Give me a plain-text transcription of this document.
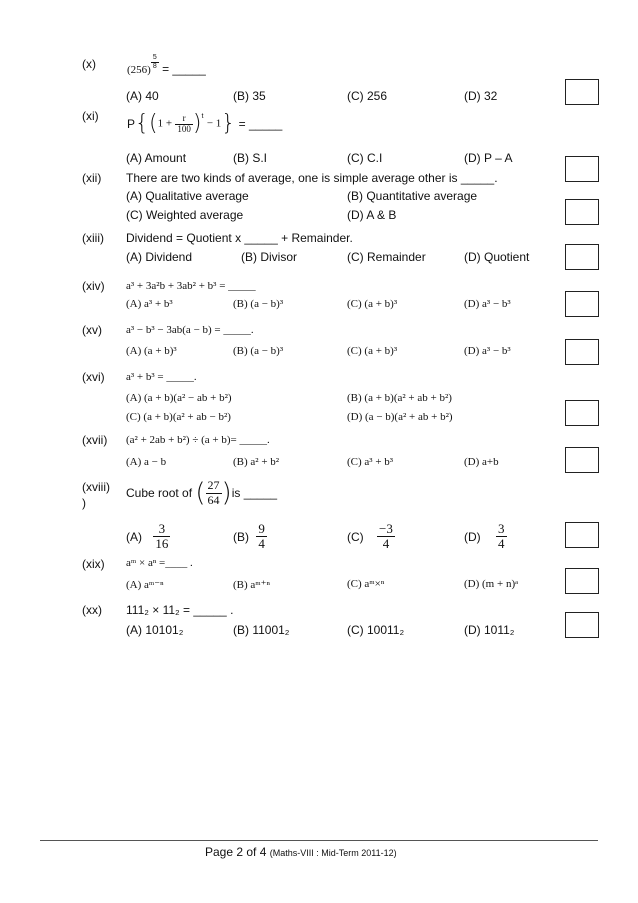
(x)	$(256) \frac{5}{8}$ = _____
(A) 40	(B) 35	(C) 256	(D) 32
(xi)
$P\{(1 + \frac{r}{100} )^t - 1\}$ = _____
(A) Amount	(B) S.I	(C) C.I	(D) P – A
(xii) There are two kinds of average, one is simple average other is _____.
(A) Qualitative average	(B) Quantitative average
(C) Weighted average	(D) A & B
(xiii) Dividend = Quotient x _____ + Remainder.
(A) Dividend	(B) Divisor	(C) Remainder	(D) Quotient
(xiv) a³ + 3a²b + 3ab² + b³ = _____
(A) a³ + b³	(B) (a − b)³	(C) (a + b)³	(D) a³ − b³
(xv) a³ − b³ − 3ab(a − b) = _____.
(A) (a + b)³	(B) (a − b)³	(C) (a + b)³	(D) a³ − b³
(xvi) a³ + b³ = _____.
(A) (a + b)(a² − ab + b²)	(B) (a + b)(a² + ab + b²)
(C) (a + b)(a² + ab − b²)	(D) (a − b)(a² + ab + b²)
(xvii) (a² + 2ab + b²) ÷ (a + b)= _____.
(A) a − b	(B) a² + b²	(C) a³ + b³	(D) a+b
(xviii)
)
Cube root of ( $\frac{27}{64} )is$ _____
$(A) \frac{3}{16}$	$(B) \frac{9}{4}$	$(C) \frac{-3}{4}$	$(D) \frac{3}{4}$
(xix) aᵐ × aⁿ =____ .
(A) aᵐ⁻ⁿ	(B) aᵐ⁺ⁿ	(C) aᵐ×ⁿ	(D) (m + n)ᵃ
(xx) 111₂ × 11₂ = _____ .
(A) 10101₂	(B) 11001₂	(C) 10011₂	(D) 1011₂
Page 2 of 4 (Maths-VIII : Mid-Term 2011-12)
